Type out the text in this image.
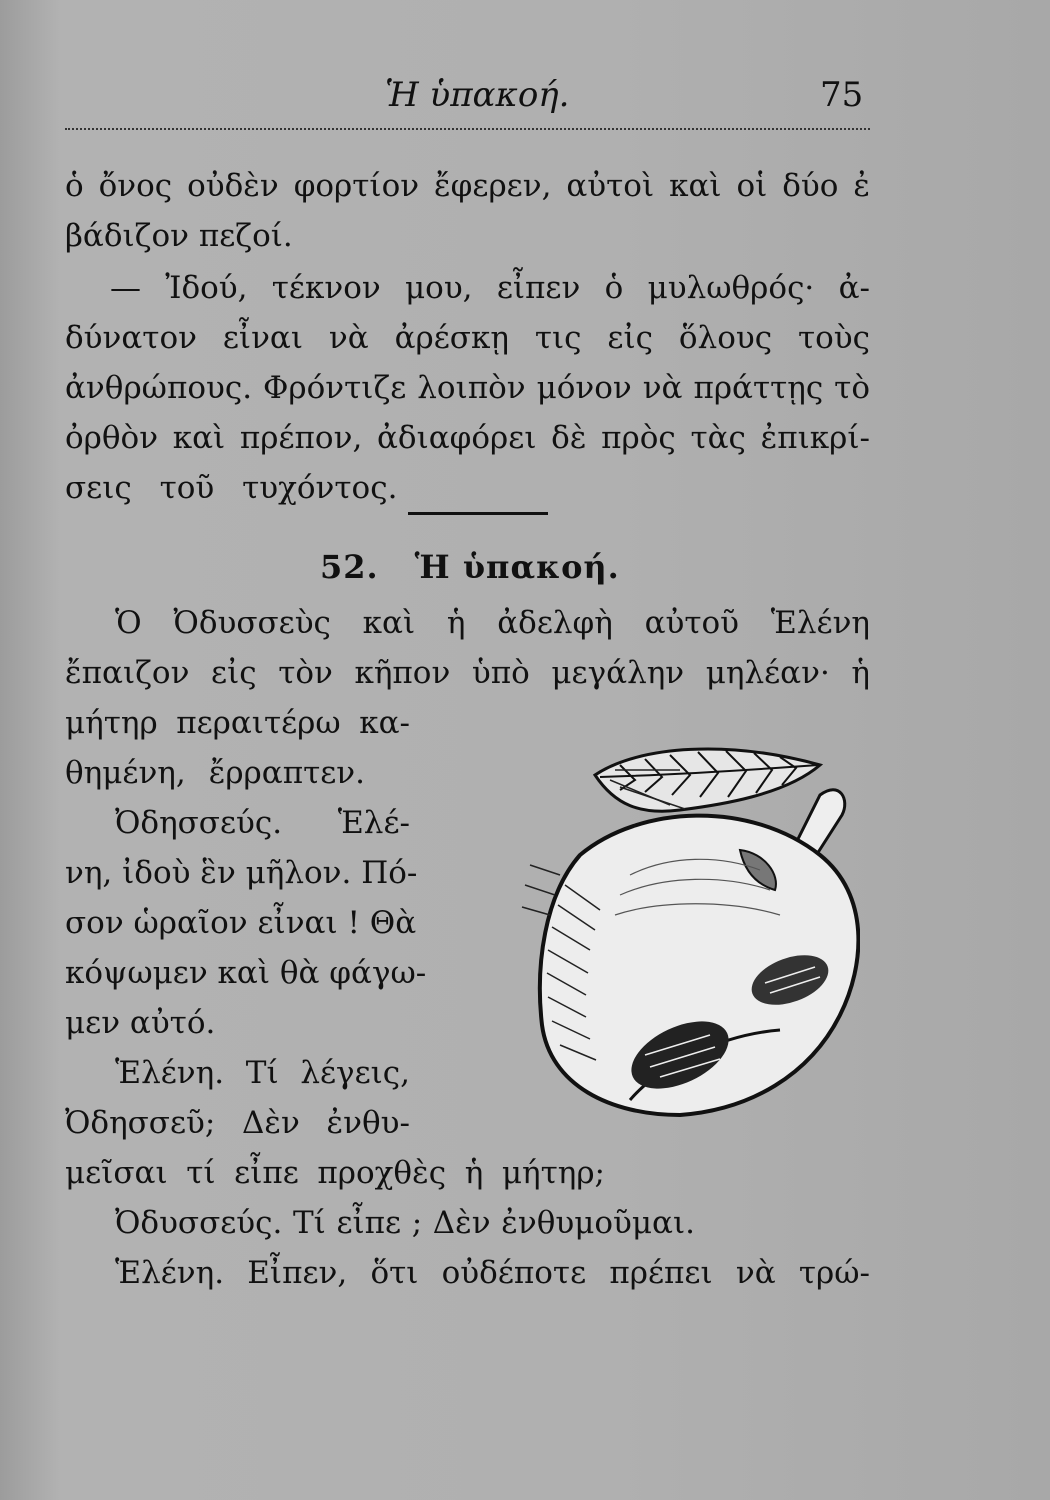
Ἡ ὑπακοή.	75
ὁ ὄνος οὐδὲν φορτίον ἔφερεν, αὐτοὶ καὶ οἱ δύο ἐ
βάδιζον πεζοί.
— Ἰδού, τέκνον μου, εἶπεν ὁ μυλωθρός· ἀ-
δύνατον εἶναι νὰ ἀρέσκῃ τις εἰς ὅλους τοὺς
ἀνθρώπους. Φρόντιζε λοιπὸν μόνον νὰ πράττῃς τὸ
ὀρθὸν καὶ πρέπον, ἀδιαφόρει δὲ πρὸς τὰς ἐπικρί-
σεις τοῦ τυχόντος.
52. Ἡ ὑπακοή.
Ὁ Ὀδυσσεὺς καὶ ἡ ἀδελφὴ αὐτοῦ Ἑλένη
ἔπαιζον εἰς τὸν κῆπον ὑπὸ μεγάλην μηλέαν· ἡ
μήτηρ περαιτέρω κα-
θημένη, ἔρραπτεν.
Ὀδησσεύς. Ἑλέ-
νη, ἰδοὺ ἓν μῆλον. Πό-
σον ὡραῖον εἶναι ! Θὰ
κόψωμεν καὶ θὰ φάγω-
μεν αὐτό.
Ἑλένη. Τί λέγεις,
Ὀδησσεῦ; Δὲν ἐνθυ-
μεῖσαι τί εἶπε προχθὲς ἡ μήτηρ;
Ὀδυσσεύς. Τί εἶπε ; Δὲν ἐνθυμοῦμαι.
Ἑλένη. Εἶπεν, ὅτι οὐδέποτε πρέπει νὰ τρώ-
